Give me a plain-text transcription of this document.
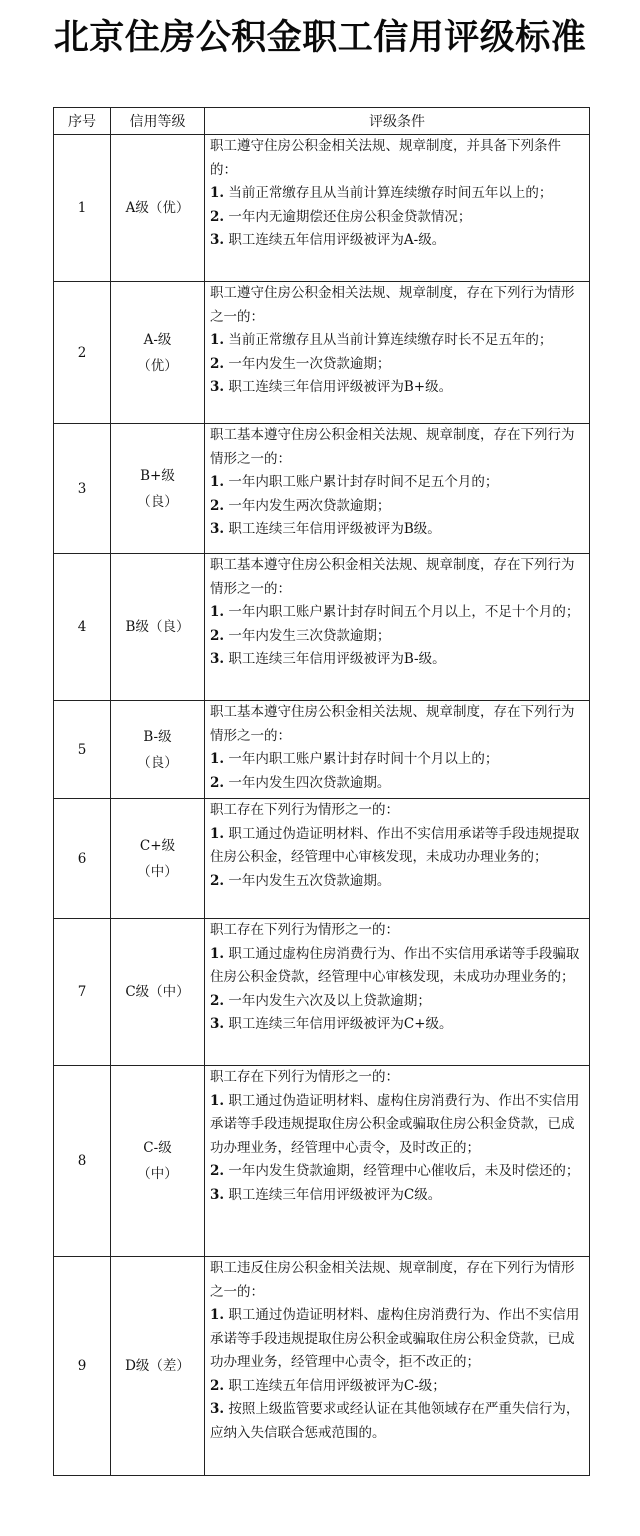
北京住房公积金职工信用评级标准
序号	信用等级	评级条件
1	A级（优）	职工遵守住房公积金相关法规、规章制度，并具备下列条件的：
1. 当前正常缴存且从当前计算连续缴存时间五年以上的；
2. 一年内无逾期偿还住房公积金贷款情况；
3. 职工连续五年信用评级被评为A-级。

2	A-级
（优）	职工遵守住房公积金相关法规、规章制度，存在下列行为情形之一的：
1. 当前正常缴存且从当前计算连续缴存时长不足五年的；
2. 一年内发生一次贷款逾期；
3. 职工连续三年信用评级被评为B+级。

3	B+级
（良）	职工基本遵守住房公积金相关法规、规章制度，存在下列行为情形之一的：
1. 一年内职工账户累计封存时间不足五个月的；
2. 一年内发生两次贷款逾期；
3. 职工连续三年信用评级被评为B级。

4	B级（良）	职工基本遵守住房公积金相关法规、规章制度，存在下列行为情形之一的：
1. 一年内职工账户累计封存时间五个月以上，不足十个月的；
2. 一年内发生三次贷款逾期；
3. 职工连续三年信用评级被评为B-级。

5	B-级
（良）	职工基本遵守住房公积金相关法规、规章制度，存在下列行为情形之一的：
1. 一年内职工账户累计封存时间十个月以上的；
2. 一年内发生四次贷款逾期。

6	C+级
（中）	职工存在下列行为情形之一的：
1. 职工通过伪造证明材料、作出不实信用承诺等手段违规提取住房公积金，经管理中心审核发现，未成功办理业务的；
2. 一年内发生五次贷款逾期。

7	C级（中）	职工存在下列行为情形之一的：
1. 职工通过虚构住房消费行为、作出不实信用承诺等手段骗取住房公积金贷款，经管理中心审核发现，未成功办理业务的；
2. 一年内发生六次及以上贷款逾期；
3. 职工连续三年信用评级被评为C+级。

8	C-级
（中）	职工存在下列行为情形之一的：
1. 职工通过伪造证明材料、虚构住房消费行为、作出不实信用承诺等手段违规提取住房公积金或骗取住房公积金贷款，已成功办理业务，经管理中心责令，及时改正的；
2. 一年内发生贷款逾期，经管理中心催收后，未及时偿还的；
3. 职工连续三年信用评级被评为C级。

9	D级（差）	职工违反住房公积金相关法规、规章制度，存在下列行为情形之一的：
1. 职工通过伪造证明材料、虚构住房消费行为、作出不实信用承诺等手段违规提取住房公积金或骗取住房公积金贷款，已成功办理业务，经管理中心责令，拒不改正的；
2. 职工连续五年信用评级被评为C-级；
3. 按照上级监管要求或经认证在其他领域存在严重失信行为，应纳入失信联合惩戒范围的。
